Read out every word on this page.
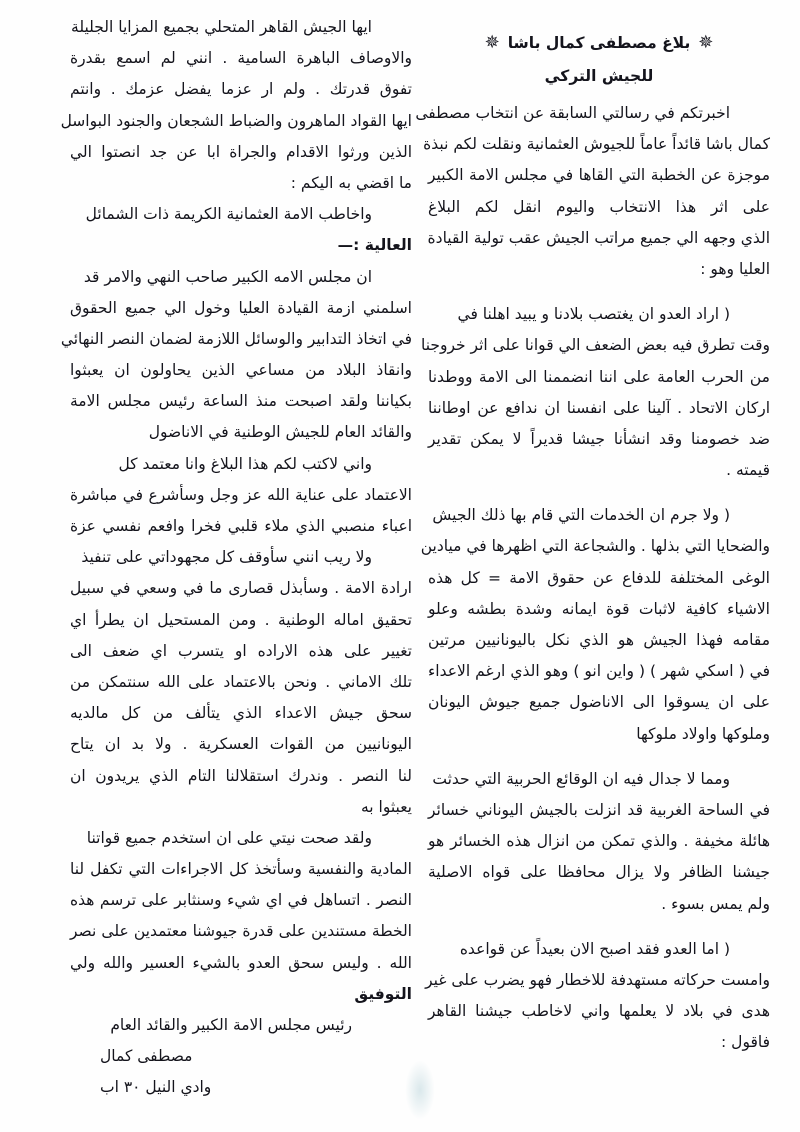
✵
بلاغ مصطفى كمال باشا
✵
للجيش التركي
اخبرتكم في رسالتي السابقة عن انتخاب مصطفى
كمال باشا قائداً عاماً للجيوش العثمانية ونقلت لكم نبذة
موجزة عن الخطبة التي القاها في مجلس الامة الكبير
على اثر هذا الانتخاب واليوم انقل لكم البلاغ
الذي وجهه الي جميع مراتب الجيش عقب تولية القيادة
العليا وهو :
( اراد العدو ان يغتصب بلادنا و يبيد اهلنا في
وقت تطرق فيه بعض الضعف الي قوانا على اثر خروجنا
من الحرب العامة على اننا انضممنا الى الامة ووطدنا
اركان الاتحاد . آلينا على انفسنا ان ندافع عن اوطاننا
ضد خصومنا وقد انشأنا جيشا قديراً لا يمكن تقدير
قيمته .
( ولا جرم ان الخدمات التي قام بها ذلك الجيش
والضحايا التي بذلها . والشجاعة التي اظهرها في ميادين
الوغى المختلفة للدفاع عن حقوق الامة = كل هذه
الاشياء كافية لاثبات قوة ايمانه وشدة بطشه وعلو
مقامه فهذا الجيش هو الذي نكل باليونانيين مرتين
في ( اسكي شهر ) ( واين انو ) وهو الذي ارغم الاعداء
على ان يسوقوا الى الاناضول جميع جيوش اليونان
وملوكها واولاد ملوكها
ومما لا جدال فيه ان الوقائع الحربية التي حدثت
في الساحة الغربية قد انزلت بالجيش اليوناني خسائر
هائلة مخيفة . والذي تمكن من انزال هذه الخسائر هو
جيشنا الظافر ولا يزال محافظا على قواه الاصلية
ولم يمس بسوء .
( اما العدو فقد اصبح الان بعيداً عن قواعده
وامست حركاته مستهدفة للاخطار فهو يضرب على غير
هدى في بلاد لا يعلمها واني لاخاطب جيشنا القاهر
فاقول :
ايها الجيش القاهر المتحلي بجميع المزايا الجليلة
والاوصاف الباهرة السامية . انني لم اسمع بقدرة
تفوق قدرتك . ولم ار عزما يفضل عزمك . وانتم
ايها القواد الماهرون والضباط الشجعان والجنود البواسل
الذين ورثوا الاقدام والجراة ابا عن جد انصتوا الي
ما اقضي به اليكم :
واخاطب الامة العثمانية الكريمة ذات الشمائل
العالية :—
ان مجلس الامه الكبير صاحب النهي والامر قد
اسلمني ازمة القيادة العليا وخول الي جميع الحقوق
في اتخاذ التدابير والوسائل اللازمة لضمان النصر النهائي
وانقاذ البلاد من مساعي الذين يحاولون ان يعبثوا
بكياننا ولقد اصبحت منذ الساعة رئيس مجلس الامة
والقائد العام للجيش الوطنية في الاناضول
واني لاكتب لكم هذا البلاغ وانا معتمد كل
الاعتماد على عناية الله عز وجل وسأشرع في مباشرة
اعباء منصبي الذي ملاء قلبي فخرا وافعم نفسي عزة
ولا ريب انني سأوقف كل مجهوداتي على تنفيذ
ارادة الامة . وسأبذل قصارى ما في وسعي في سبيل
تحقيق اماله الوطنية . ومن المستحيل ان يطرأ اي
تغيير على هذه الاراده او يتسرب اي ضعف الى
تلك الاماني . ونحن بالاعتماد على الله سنتمكن من
سحق جيش الاعداء الذي يتألف من كل مالديه
اليونانيين من القوات العسكرية . ولا بد ان يتاح
لنا النصر . وندرك استقلالنا التام الذي يريدون ان
يعبثوا به
ولقد صحت نيتي على ان استخدم جميع قواتنا
المادية والنفسية وسأتخذ كل الاجراءات التي تكفل لنا
النصر . اتساهل في اي شيء وسنثابر على ترسم هذه
الخطة مستندين على قدرة جيوشنا معتمدين على نصر
الله . وليس سحق العدو بالشيء العسير والله ولي
التوفيق
رئيس مجلس الامة الكبير والقائد العام
مصطفى كمال
وادي النيل ٣٠ اب
